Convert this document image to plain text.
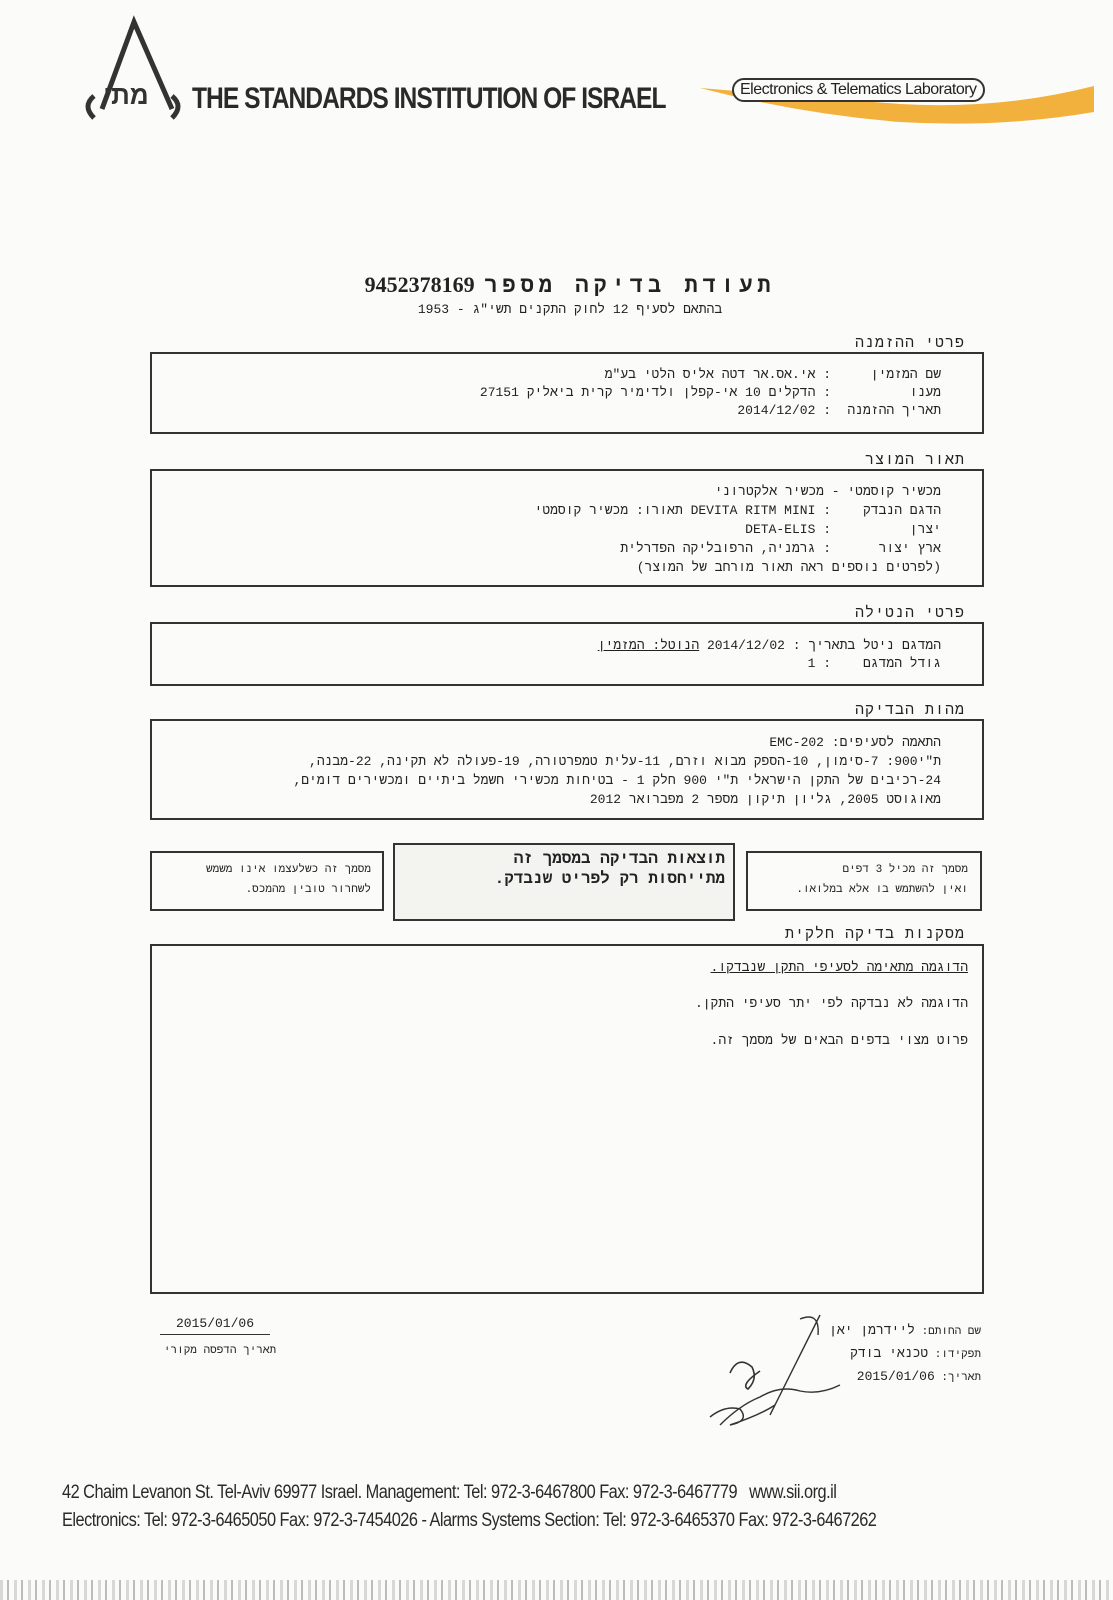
מתי	THE STANDARDS INSTITUTION OF ISRAEL	Electronics & Telematics Laboratory
תעודת בדיקה מספר 9452378169
בהתאם לסעיף 12 לחוק התקנים תשי"ג - 1953
פרטי ההזמנה
שם המזמין: אי.אס.אר דטה אליס הלטי בע"מ
מענו: הדקלים 10 אי-קפלן ולדימיר קרית ביאליק 27151
תאריך ההזמנה: 2014/12/02
תאור המוצר
מכשיר קוסמטי - מכשיר אלקטרוני
הדגם הנבדק: DEVITA RITM MINI תאורו: מכשיר קוסמטי
יצרן: DETA-ELIS
ארץ יצור: גרמניה, הרפובליקה הפדרלית
(לפרטים נוספים ראה תאור מורחב של המוצר)
פרטי הנטילה
המדגם ניטל בתאריך : 2014/12/02 הנוטל: המזמין
גודל המדגם: 1
מהות הבדיקה
התאמה לסעיפים: EMC-202
ת"י900: 7-סימון, 10-הספק מבוא וזרם, 11-עלית טמפרטורה, 19-פעולה לא תקינה, 22-מבנה,
24-רכיבים של התקן הישראלי ת"י 900 חלק 1 - בטיחות מכשירי חשמל ביתיים ומכשירים דומים,
מאוגוסט 2005, גליון תיקון מספר 2 מפברואר 2012
מסמך זה כשלעצמו אינו משמש
לשחרור טובין מהמכס.
תוצאות הבדיקה במסמך זה
מתייחסות רק לפריט שנבדק.	מסמך זה מכיל 3 דפים
ואין להשתמש בו אלא במלואו.
מסקנות בדיקה חלקית
הדוגמה מתאימה לסעיפי התקן שנבדקו.
הדוגמה לא נבדקה לפי יתר סעיפי התקן.
פרוט מצוי בדפים הבאים של מסמך זה.
2015/01/06
תאריך הדפסה מקורי
שם החותם: ליידרמן יאן
תפקידו: טכנאי בודק
תאריך: 2015/01/06
42 Chaim Levanon St. Tel-Aviv 69977 Israel. Management: Tel: 972-3-6467800 Fax: 972-3-6467779   www.sii.org.il
Electronics: Tel: 972-3-6465050 Fax: 972-3-7454026 - Alarms Systems Section: Tel: 972-3-6465370 Fax: 972-3-6467262
